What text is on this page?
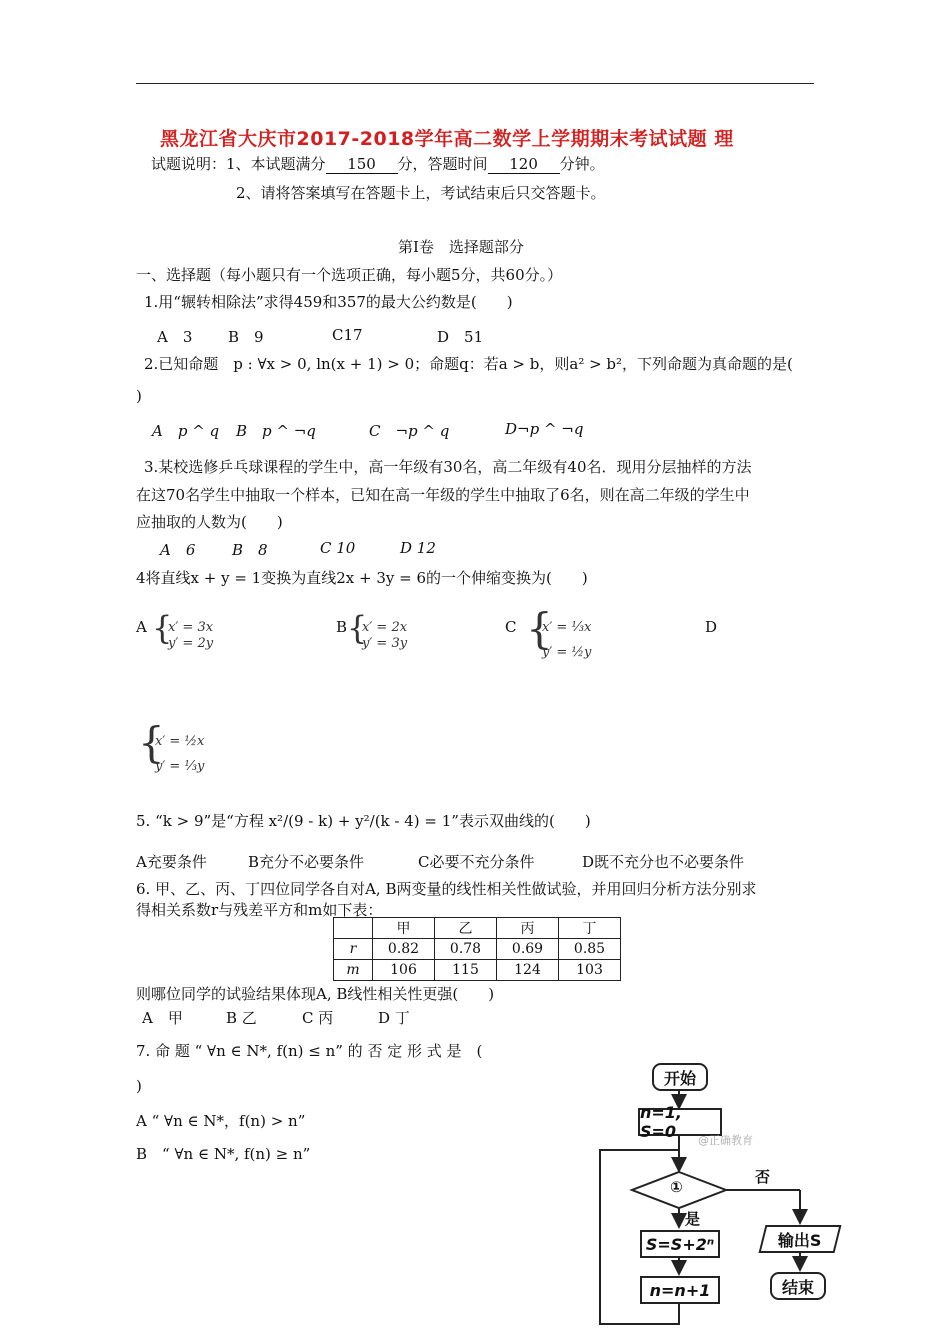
黑龙江省大庆市2017-2018学年高二数学上学期期末考试试题 理
试题说明：1、本试题满分 150 分，答题时间 120 分钟。
2、请将答案填写在答题卡上，考试结束后只交答题卡。
第Ⅰ卷　选择题部分
一、选择题（每小题只有一个选项正确，每小题5分，共60分。）
1.用“辗转相除法”求得459和357的最大公约数是(　　)
A　3 B　9	C17	D　51
2.已知命题　p : ∀x > 0, ln(x + 1) > 0；命题q：若a > b，则a² > b²，下列命题为真命题的是(
)
A　p ^ q B　p ^ ¬q	C　¬p ^ q	D¬p ^ ¬q
3.某校选修乒乓球课程的学生中，高一年级有30名，高二年级有40名．现用分层抽样的方法
在这70名学生中抽取一个样本，已知在高一年级的学生中抽取了6名，则在高二年级的学生中
应抽取的人数为(　　)
A　6 B　8	C 10	D 12
4将直线x + y = 1变换为直线2x + 3y = 6的一个伸缩变换为(　　)
A {
x′ = 3x
y′ = 2y
B {
x′ = 2x
y′ = 3y
C {
x′ = ⅓x
y′ = ½y
D
{
x′ = ½x
y′ = ⅓y
5. “k > 9”是“方程 x²/(9 - k) + y²/(k - 4) = 1”表示双曲线的(　　)
A充要条件	B充分不必要条件	C必要不充分条件	D既不充分也不必要条件
6. 甲、乙、丙、丁四位同学各自对A, B两变量的线性相关性做试验，并用回归分析方法分别求
得相关系数r与残差平方和m如下表：
	甲	乙	丙	丁
r	0.82	0.78	0.69	0.85
m	106	115	124	103
则哪位同学的试验结果体现A, B线性相关性更强(　　)
A　甲	B 乙	C 丙	D 丁
7. 命 题 “ ∀n ∈ N*, f(n) ≤ n” 的 否 定 形 式 是　(
)
A “ ∀n ∈ N*，f(n) > n”
B　“ ∀n ∈ N*, f(n) ≥ n”
开始
n=1, S=0	@正确教育
①
否
是
S=S+2ⁿ
n=n+1
输出S
结束
